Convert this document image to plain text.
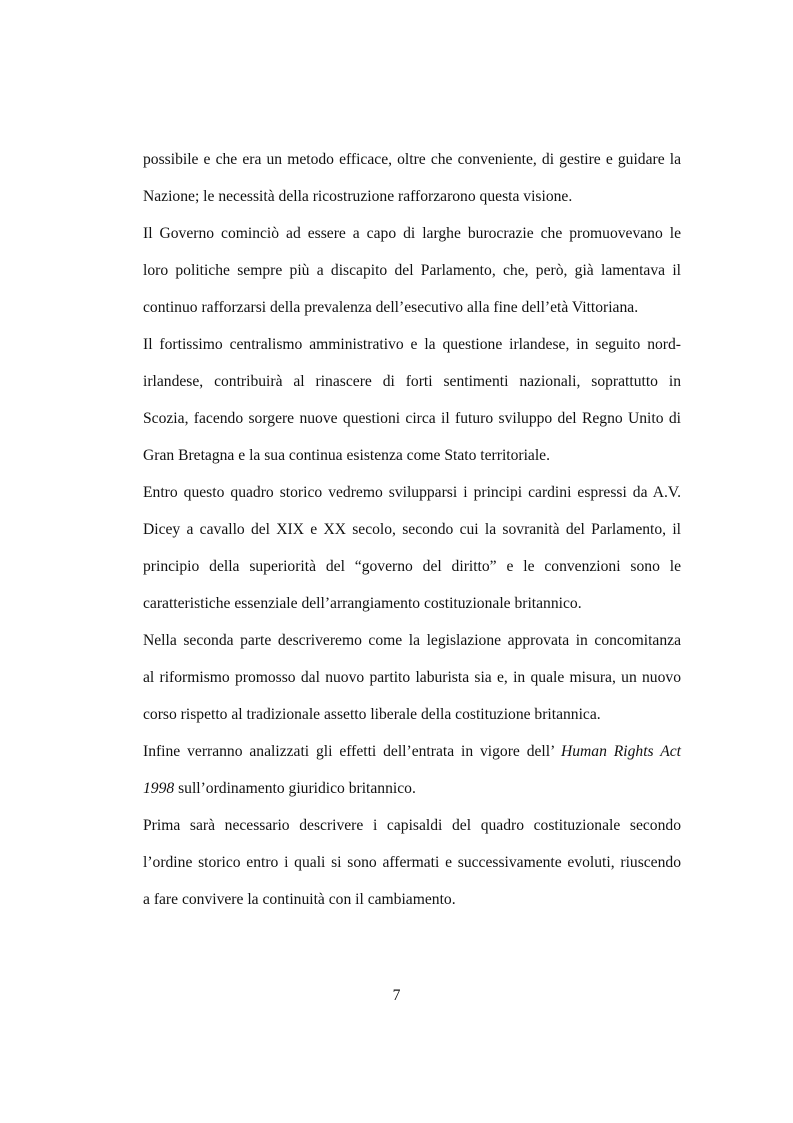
possibile e che era un metodo efficace, oltre che conveniente, di gestire e guidare la
Nazione; le necessità della ricostruzione rafforzarono questa visione.
Il Governo cominciò ad essere a capo di larghe burocrazie che promuovevano le
loro politiche sempre più a discapito del Parlamento, che, però, già lamentava il
continuo rafforzarsi della prevalenza dell’esecutivo alla fine dell’età Vittoriana.
Il fortissimo centralismo amministrativo e la questione irlandese, in seguito nord-
irlandese, contribuirà al rinascere di forti sentimenti nazionali, soprattutto in
Scozia, facendo sorgere nuove questioni circa il futuro sviluppo del Regno Unito di
Gran Bretagna e la sua continua esistenza come Stato territoriale.
Entro questo quadro storico vedremo svilupparsi i principi cardini espressi da A.V.
Dicey a cavallo del XIX e XX secolo, secondo cui la sovranità del Parlamento, il
principio della superiorità del “governo del diritto” e le convenzioni sono le
caratteristiche essenziale dell’arrangiamento costituzionale britannico.
Nella seconda parte descriveremo come la legislazione approvata in concomitanza
al riformismo promosso dal nuovo partito laburista sia e, in quale misura, un nuovo
corso rispetto al tradizionale assetto liberale della costituzione britannica.
Infine verranno analizzati gli effetti dell’entrata in vigore dell’ Human Rights Act
1998 sull’ordinamento giuridico britannico.
Prima sarà necessario descrivere i capisaldi del quadro costituzionale secondo
l’ordine storico entro i quali si sono affermati e successivamente evoluti, riuscendo
a fare convivere la continuità con il cambiamento.
7
